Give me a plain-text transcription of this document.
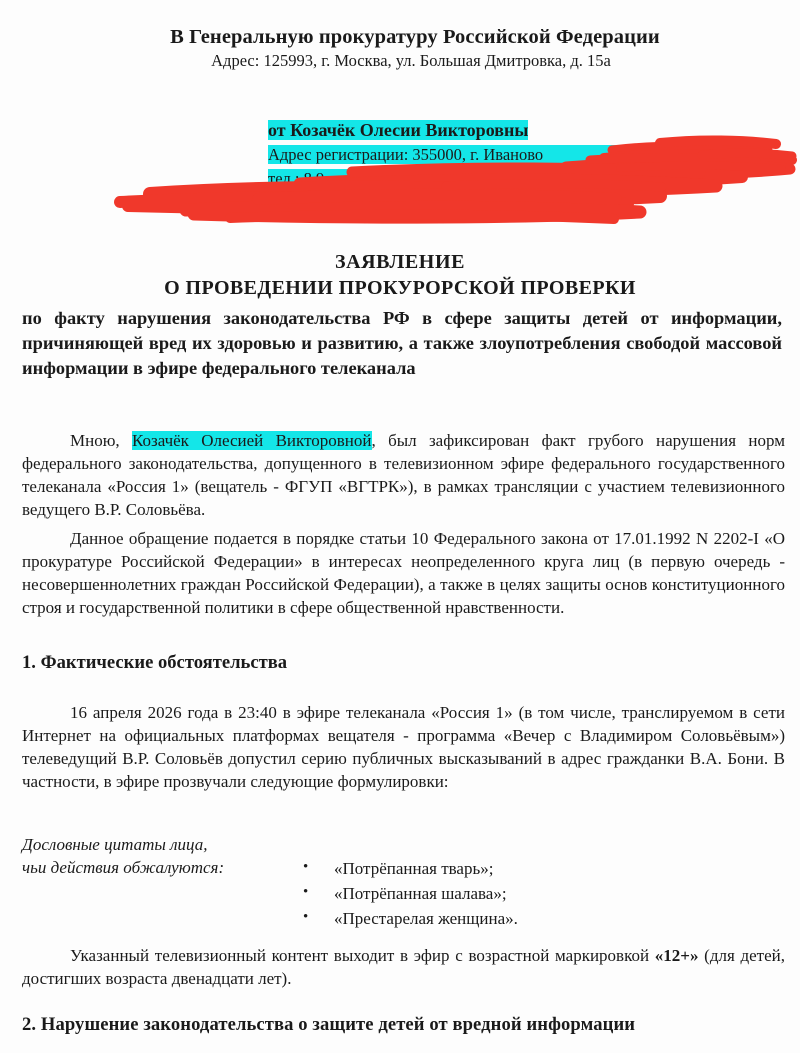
В Генеральную прокуратуру Российской Федерации
Адрес: 125993, г. Москва, ул. Большая Дмитровка, д. 15а
от Козачёк Олесии Викторовны
Адрес регистрации: 355000, г. Иваново	12
тел.: 8 9
ЗАЯВЛЕНИЕ
О ПРОВЕДЕНИИ ПРОКУРОРСКОЙ ПРОВЕРКИ
по факту нарушения законодательства РФ в сфере защиты детей от информации, причиняющей вред их здоровью и развитию, а также злоупотребления свободой массовой информации в эфире федерального телеканала

Мною, Козачёк Олесией Викторовной, был зафиксирован факт грубого нарушения норм федерального законодательства, допущенного в телевизионном эфире федерального государственного телеканала «Россия 1» (вещатель - ФГУП «ВГТРК»), в рамках трансляции с участием телевизионного ведущего В.Р. Соловьёва.

Данное обращение подается в порядке статьи 10 Федерального закона от 17.01.1992 N 2202-I «О прокуратуре Российской Федерации» в интересах неопределенного круга лиц (в первую очередь - несовершеннолетних граждан Российской Федерации), а также в целях защиты основ конституционного строя и государственной политики в сфере общественной нравственности.

1. Фактические обстоятельства

16 апреля 2026 года в 23:40 в эфире телеканала «Россия 1» (в том числе, транслируемом в сети Интернет на официальных платформах вещателя - программа «Вечер с Владимиром Соловьёвым») телеведущий В.Р. Соловьёв допустил серию публичных высказываний в адрес гражданки В.А. Бони. В частности, в эфире прозвучали следующие формулировки:

Дословные цитаты лица,
чьи действия обжалуются:	• «Потрёпанная тварь»;
• «Потрёпанная шалава»;
• «Престарелая женщина».

Указанный телевизионный контент выходит в эфир с возрастной маркировкой «12+» (для детей, достигших возраста двенадцати лет).

2. Нарушение законодательства о защите детей от вредной информации
